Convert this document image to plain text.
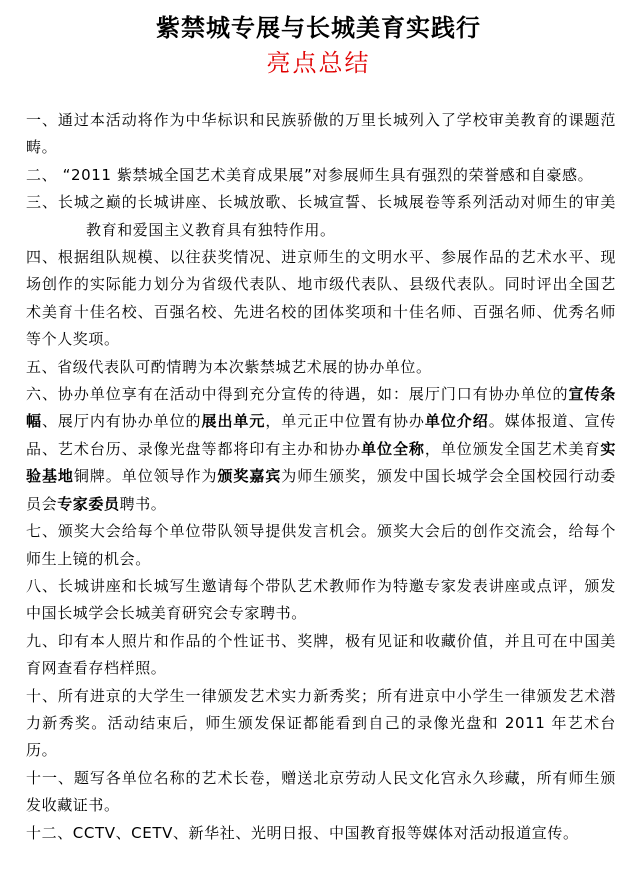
紫禁城专展与长城美育实践行
亮点总结

一、通过本活动将作为中华标识和民族骄傲的万里长城列入了学校审美教育的课题范畴。

二、 “2011 紫禁城全国艺术美育成果展”对参展师生具有强烈的荣誉感和自豪感。

三、长城之巅的长城讲座、长城放歌、长城宣誓、长城展卷等系列活动对师生的审美教育和爱国主义教育具有独特作用。

四、根据组队规模、以往获奖情况、进京师生的文明水平、参展作品的艺术水平、现场创作的实际能力划分为省级代表队、地市级代表队、县级代表队。同时评出全国艺术美育十佳名校、百强名校、先进名校的团体奖项和十佳名师、百强名师、优秀名师等个人奖项。

五、省级代表队可酌情聘为本次紫禁城艺术展的协办单位。

六、协办单位享有在活动中得到充分宣传的待遇，如：展厅门口有协办单位的宣传条幅、展厅内有协办单位的展出单元，单元正中位置有协办单位介绍。媒体报道、宣传品、艺术台历、录像光盘等都将印有主办和协办单位全称，单位颁发全国艺术美育实验基地铜牌。单位领导作为颁奖嘉宾为师生颁奖，颁发中国长城学会全国校园行动委员会专家委员聘书。

七、颁奖大会给每个单位带队领导提供发言机会。颁奖大会后的创作交流会，给每个师生上镜的机会。

八、长城讲座和长城写生邀请每个带队艺术教师作为特邀专家发表讲座或点评，颁发中国长城学会长城美育研究会专家聘书。

九、印有本人照片和作品的个性证书、奖牌，极有见证和收藏价值，并且可在中国美育网查看存档样照。

十、所有进京的大学生一律颁发艺术实力新秀奖；所有进京中小学生一律颁发艺术潜力新秀奖。活动结束后，师生颁发保证都能看到自己的录像光盘和 2011 年艺术台历。

十一、题写各单位名称的艺术长卷，赠送北京劳动人民文化宫永久珍藏，所有师生颁发收藏证书。

十二、CCTV、CETV、新华社、光明日报、中国教育报等媒体对活动报道宣传。
